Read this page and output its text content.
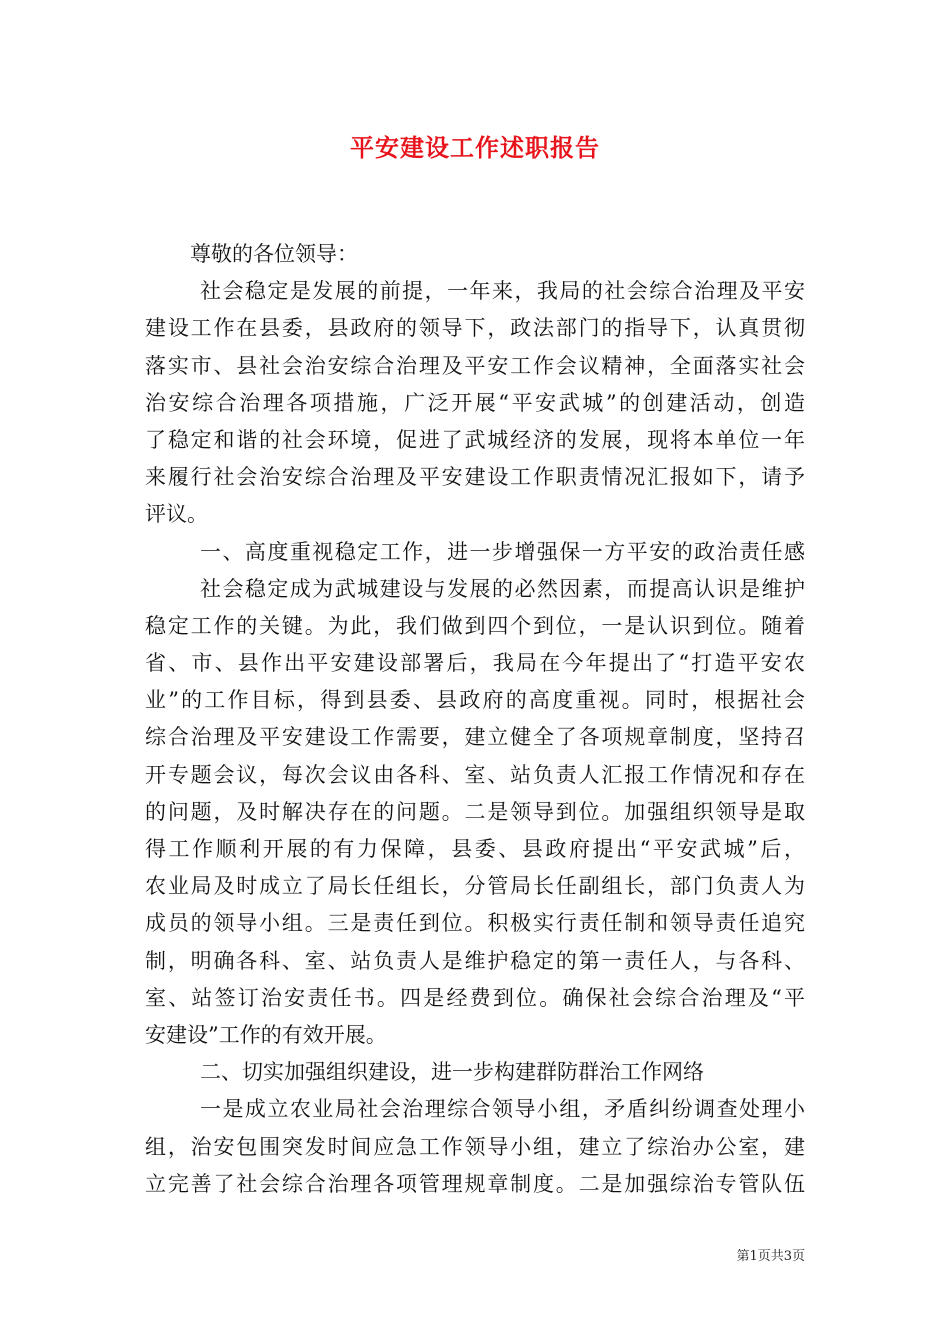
平安建设工作述职报告
尊敬的各位领导：
社会稳定是发展的前提，一年来，我局的社会综合治理及平安
建设工作在县委，县政府的领导下，政法部门的指导下，认真贯彻
落实市、县社会治安综合治理及平安工作会议精神，全面落实社会
治安综合治理各项措施，广泛开展“平安武城”的创建活动，创造
了稳定和谐的社会环境，促进了武城经济的发展，现将本单位一年
来履行社会治安综合治理及平安建设工作职责情况汇报如下，请予
评议。
一、高度重视稳定工作，进一步增强保一方平安的政治责任感
社会稳定成为武城建设与发展的必然因素，而提高认识是维护
稳定工作的关键。为此，我们做到四个到位，一是认识到位。随着
省、市、县作出平安建设部署后，我局在今年提出了“打造平安农
业”的工作目标，得到县委、县政府的高度重视。同时，根据社会
综合治理及平安建设工作需要，建立健全了各项规章制度，坚持召
开专题会议，每次会议由各科、室、站负责人汇报工作情况和存在
的问题，及时解决存在的问题。二是领导到位。加强组织领导是取
得工作顺利开展的有力保障，县委、县政府提出“平安武城”后，
农业局及时成立了局长任组长，分管局长任副组长，部门负责人为
成员的领导小组。三是责任到位。积极实行责任制和领导责任追究
制，明确各科、室、站负责人是维护稳定的第一责任人，与各科、
室、站签订治安责任书。四是经费到位。确保社会综合治理及“平
安建设”工作的有效开展。
二、切实加强组织建设，进一步构建群防群治工作网络
一是成立农业局社会治理综合领导小组，矛盾纠纷调查处理小
组，治安包围突发时间应急工作领导小组，建立了综治办公室，建
立完善了社会综合治理各项管理规章制度。二是加强综治专管队伍
第1页共3页
